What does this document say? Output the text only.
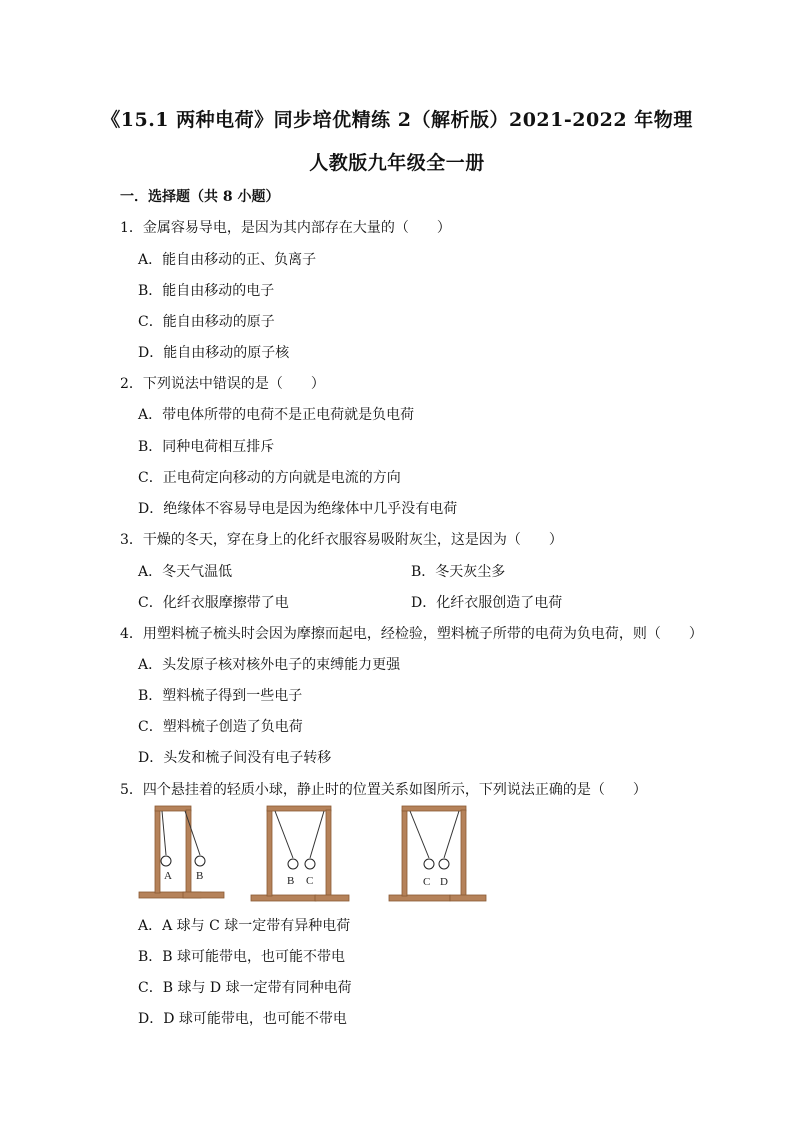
《15.1 两种电荷》同步培优精练 2（解析版）2021-2022 年物理
人教版九年级全一册
一．选择题（共 8 小题）
1．金属容易导电，是因为其内部存在大量的（　　）
A．能自由移动的正、负离子
B．能自由移动的电子
C．能自由移动的原子
D．能自由移动的原子核
2．下列说法中错误的是（　　）
A．带电体所带的电荷不是正电荷就是负电荷
B．同种电荷相互排斥
C．正电荷定向移动的方向就是电流的方向
D．绝缘体不容易导电是因为绝缘体中几乎没有电荷
3．干燥的冬天，穿在身上的化纤衣服容易吸附灰尘，这是因为（　　）
A．冬天气温低	B．冬天灰尘多
C．化纤衣服摩擦带了电	D．化纤衣服创造了电荷
4．用塑料梳子梳头时会因为摩擦而起电，经检验，塑料梳子所带的电荷为负电荷，则（　　）
A．头发原子核对核外电子的束缚能力更强
B．塑料梳子得到一些电子
C．塑料梳子创造了负电荷
D．头发和梳子间没有电子转移
5．四个悬挂着的轻质小球，静止时的位置关系如图所示，下列说法正确的是（　　）
A B	B C	C D
A．A 球与 C 球一定带有异种电荷
B．B 球可能带电，也可能不带电
C．B 球与 D 球一定带有同种电荷
D．D 球可能带电，也可能不带电
